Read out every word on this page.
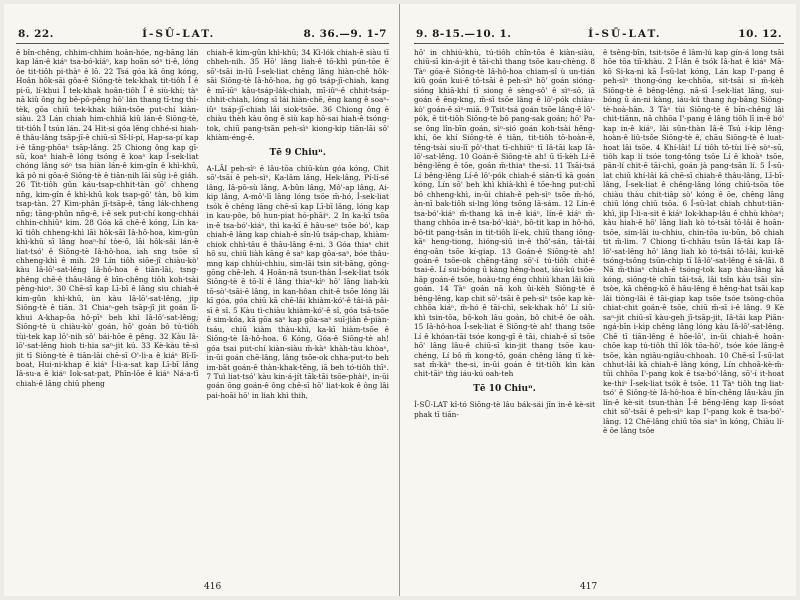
8. 22.	Í-SÛ-LAT.	8. 36.—9. 1-7

ê bîn-chêng, chhim-chhim hoân-hóe, ng-bāng lán kap lán-ê kiáⁿ tsa-bó-kiáⁿ, kap hoān sóⁿ ti-ê, lóng ôe tit-tiôh pi-thàⁿ ê lō. 22 Tsá góa kā ông kóng, Hoân hôk-sāi gôa-ê Siōng-tè tek-khak tit-tiôh Î ê pi-ū, lí-khui Î tek-khak hoân-tiôh Î ê siù-khí; tàⁿ nā kiû ông ǹg bē-pō-pêng hō' lán thang tī-tng thì-tèk, gōa chiū tek-khak hiân-tsōe put-chí kiàn-siàu. 23 Lán chiah him-chhiā kiû lán-ê Siōng-tè, tit-tiôh Î tsún lán. 24 Hit-si góa lêng chhé-si hiah-ê thâu-lâng tsāp-jī-ê chiū-sī Sî-lí-pí, Hap-sa-pí kap i-ê tāng-phōaⁿ tsāp-lâng. 25 Chiong ông kap gī-sū, koaⁿ hiah-ê lóng tsóng ê koaⁿ kap Í-sek-liat chóng lâng sóⁿ tsa hiàn lán-ê kim-gîn ê khì-khū, kā pô ni gōa-ê Siōng-tè ê tiān-nih lāi sūg i-ê giáh. 26 Tit-tiôh gûn káu-tsap-chhit-tàn gō' chheng nn̄g, kim-gîn ê khì-khū kok tsap-gō' tàn, bô kim tsap-tàn. 27 Kim-phân jī-tsāp-ê, tāng lák-chheng nn̄g; tāng-phûn nn̄g-ê, i-ê sek put-chí kong-chhái chhin-chhiūⁿ kim. 28 Góa kā chē-ê kóng, Lín ka-kī tiôh chheng-khì lāi hôk-sāi Iâ-hô-hoa, kim-gûn khì-khū sī lâng hoaⁿ-hí tòe-ô, lâi hôk-sāi lán-ê liat-tsó' ê Siōng-tè Iâ-hô-hoa, iah sng tsōe sī chheng-khì ê mih. 29 Lín tiôh siōe-jî chiàu-kò' kàu Iâ-lō'-sat-lêng Iâ-hô-hoa ê tiān-lāi, tsng-phêng chē-ê thâu-lâng ê bīn-chêng tiôh koh-tsài pêng-hioⁿ. 30 Chē-sī kap Lī-bī ê lâng siu chiah-ê kim-gûn khì-khū, ùn kàu Iâ-lō'-sat-lêng, jip Siōng-tè ê tiān. 31 Chiaⁿ-geh tsāp-jī jit goán lī-khui A-khap-ôa hô-pīⁿ beh khì Iâ-lō'-sat-lêng; Siōng-tè ù chiàu-kò' goán, hō' goán bô tú-tiôh tùi-tek kap lō'-nih sô' bái-hōe ê pêng. 32 Kàu Iâ-lō'-sat-lêng hioh ti-hia saⁿ-jit kú. 33 Kè-kàu tē-sì jit tī Siōng-tè ê tiān-lāi chē-sī O'-li-a ê kiáⁿ Bī-lī-boat, Hui-ni-khap ê kiáⁿ Í-li-a-sat kap Lī-bī lâng Iâ-su-a ê kiáⁿ Iok-sat-pat, Phîn-lōe ê kiáⁿ Ná-a-tī chiah-ê lâng chiū pheng

chiah-ê kim-gûn khì-khū; 34 Kì-lók chiah-ê siàu tī chheh-nih. 35 Hō' lâng liah-ê tō-khì pún-tōe ê sō'-tsāi in-lū Í-sek-liat chêng lâng hiàn-chê hôk-sāi Siōng-tè Iâ-hô-hoa, ǹg gō tsáp-jī-chiah, kang ê mī-iūⁿ kâu-tsáp-lák-chiah, mī-iûⁿ-ê chhit-tsáp-chhit-chiah, lóng sī lái hiàn-chē, ēng kang ê soaⁿ-iûⁿ tsáp-jī-chiah lâi siok-tsōe. 36 Chiong ông ê chiàu thèh kàu ông ê siù kap hō-sai hiah-ê tsóng-tok, chiū pang-tsān peh-sìⁿ kiong-kip tiān-lāi sô' khiàm-éng-ê.

Tē 9 Chiuⁿ.

A-LÂI peh-sìⁿ ê lâu-tōa chiū-kùn góa kóng, Chit sō'-tsāi ê peh-sìⁿ, Ka-lâm lâng, Hek-lâng, Pí-lí-sé lâng, Iâ-pō-sù lâng, A-bûn lâng, Mô'-ap lâng, Ai-kip lâng, A-mô'-lī lâng lóng tsōe m̄-hó, Í-sek-liat tsók ê chêng lâng chē-sī kap Lī-bī lâng, lóng kap in kau-pôe, bô hun-piat hó-phāiⁿ. 2 In ka-kī tsōa in-ê tsa-bó'-kiáⁿ, thì ka-kī ê hâu-seⁿ tsōe bó', kap chiah-ê lâng kap chiah-ê sîn-lū tsáp-chap, khiàm-chiok chhì-tâu ê thâu-lâng ê-ni. 3 Góa thiaⁿ chit hō su, chiū liàh kāng ê saⁿ kap gōa-saⁿ, bóe thâu-mng kap chhùi-chhiu, sim-lāi tsin sit-bāng, gōng-gōng chē-leh. 4 Hoân-nā tsun-thàn Í-sek-liat tsók Siōng-tè ê tō-lí ê lâng thiaⁿ-kìⁿ hō' lâng liah-kù tō-sò'-tsāi-ê lâng, in kan-hôan chit-ê tsōe lóng lâi kī góa, góa chiū kā chē-lâi khiàm-kó'-ê tâi-iâ pâi-sī ê sî. 5 Kàu tì-chiàu khiàm-kó'-ê sî, góa tsā-tsōe ê sim-kóa, kā gōa saⁿ kap gōa-saⁿ suī-jiân ê-piàn-tsáu, chiū kiàm thàu-khì, ka-kī hiàm-tsōe ê Siōng-tè Iâ-hô-hoa. 6 Kóng, Góa-ê Siōng-tè ah! góa tsai put-chí kiàn-siàu m̄-kàⁿ khàh-tàu khòaⁿ, in-ūi goán chē-lâng, lâng tsōe-ok chha-put-to beh im-bāt goán-ê thàn-khak-tēng, iā beh tó-tiôh thīⁿ. 7 Tuì liat-tsó' kàu kin-á-jít tāk-tāi tsōe-phàiⁿ, in-ūi goán ōng goán-ê ông chē-sī hō' liat-kok ê ông lâi pai-hoāi hō' in liah khì thih,

416
9. 8-15.—10. 1.	Í-SŪ-LAT.	10. 12.

hō' in chhiú-khù, tú-tiôh chîn-tōa ê kiàn-siàu, chiū-sī kin-á-jit ê tāi-chì thang tsōe kau-chèng. 8 Tàⁿ góa-ê Siōng-tè Iâ-hô-hoa chiam-sî ù un-tián kiû goán kui-ê tō-tsāi ê peh-sìⁿ hō' goán sióng-sióng khiā-khí tī siong ê sèng-sô' ê sìⁿ-sō, iā goán ê ēng-kng, m̄-sī tsōe lâng ê lō'-pók chiàu-kò' goán-ê sìⁿ-miā. 9 Tsit-tsá goán tsōe lâng-ê lō'-pók, ê tit-tiôh Siōng-tè bô pang-sak goán; hō' Pa-se ông lîn-bīn goán, sìⁿ-sió goán koh-tsài hêng-khí, ôe khí Siōng-tè ê tiān, tit-tiôh tō-hoàn-ê, tēng-tsài siu-lī pô'-that tī-chhiūⁿ tī Iâ-tāi kap Iâ-lō'-sat-lêng. 10 Goán-ê Siōng-tè ah! ū tī-kèh Lí-ê bêng-lêng ê tōe, goán m̄-thiaⁿ the-si. 11 Tsāi-tsá Lí bêng-lêng Lí-ê lō'-pók chiah-ê siān-tī kā goán kóng, Lín sō' beh khì khìà-khì ê tōe-hng put-chī bô chheng-khì, in-ūi chiah-ê peh-sìⁿ tsōe m̄-hó, àn-nī bak-tiôh si-lng lóng tsōng lā-sám. 12 Lín-ê tsa-bó'-kiáⁿ m̄-thang kā in-ê kiáⁿ, lín-ê kiáⁿ m̄-thang chhōa in-ê tsa-bó'-kiáⁿ, bô-tit kap in hô-hó, bô-tit pang-tsān in tit-tiôh lí-ek, chiū thang iông-kāⁿ heng-tiong, hióng-siū in-ê thô'-sán, tāi-tāi éng-oân tsōe kí-giap. 13 Goán-ê Siōng-tè ah! goán-ê tsōe-ok chêng-tāng sō'-í tú-tiôh chit-ê tsai-ē. Lí sui-bóng ū kàng hêng-hoat, iáu-kú tsōe-hāp goán-ê tsōe, hoàu-tng éng chhiú khan lâi kiù goán. 14 Tàⁿ goán nā koh ûi-kèh Siōng-tè ê bêng-lêng, kap chit sō'-tsāi ê peh-sìⁿ tsōe kap kè-chhōa kiáⁿ, m̄-hó ê tāi-chì, sek-khak hō' Lí siū-khì tsin-tōa, bô-koh lâu goán, bô chit-ê ôe oâh. 15 Iâ-hô-hoa Í-sek-liat ê Siōng-tè ah! thang tsōe Lí ê khóan-tāi tsóe kong-gī ê tāi, chiah-ê sī tsōe hō' lâng lâu-ê chiū-sī kin-jit thang tsōe kau-chéng, Lí bô m̄ kong-tō, goán chêng lâng tī kè-sat m̄-kàⁿ the-si, in-ūi goán ê tit-tiôh kìn kàn chit-tāiⁿ tǹg iáu-kú oah-teh

Tē 10 Chiuⁿ.

Í-SŪ-LAT kî-tó Siōng-tè lâu bák-sái jīn in-ê kè-sit phak tī tiān-

ê tsêng-bīn, tsit-tsōe ê lâm-lú kap gín-á long tsāi hōe tōa tiī-khàu. 2 Î-lân ê tsók Iâ-hat ê kiáⁿ Mā-kō Si-ka-ni kā Í-sū-lat kóng, Lán kap I'-pang ê peh-sìⁿ thong-óng ke-chhōa, sit-tsāi si m̄-kèh Siōng-tè ê bêng-lēng. nā-sī Í-sek-liat lâng, sui-bóng ū án-ni kàng, iáu-kú thang ǹg-bāng Siōng-tè-hoà-hān. 3 Tàⁿ tùi Siōng-tè ê bīn-chêng lâi chit-tiānn, nā chhōa I'-pang ê lâng tiôh lī in-ê bó' kap in-ê kiáⁿ, lâi sûn-thàn Iâ-ê Tsú i-kip lêng-hoàn-ê liû-tsôe Siōng-tè ê, chāu Siōng-tè ê luat-hoat lâi tsōe. 4 Khí-lâi! Lí tiôh tō-tùi lí-ê sòⁿ-sū, tiôh kap lí tsóe tong-tông tsōe Lí ê khoàⁿ tsōe, pān-lí chit-ê tāi-chì, goán jà pang-tsān lí. 5 Í-sū-lat chiū khí-lâi kā chē-sī chiah-ê thâu-lâng, Lī-bī-lâng, Í-sek-liat ê chêng-lâng lóng chiū-tsōa tōe chiàu thàu chit-tiâp sò' kóng ê ōe, chêng lâng chiū lóng chiū tsōa. 6 Í-sū-lat chiah chhut-tiān-khì, jip Í-li-a-sit ê kiáⁿ Iok-khap-lâu ê chhù khòaⁿ; kàu hiah-ê hō' lâng liah kò tó-tsāi tō-lâi ê hoān-tsōe, sim-lāi iu-chhiu, chin-tōa iu-būn, bô chiah tit m̄-lim. 7 Chiong tī-chhāu tsūn Iâ-tāi kap Iâ-lō'-sat-lêng hō' lâng liah kò tó-tsāi tō-lâi, kui-kē tsóng-tsông tsūn-chip tī Iâ-lō'-sat-lêng ê sâ-lāi. 8 Nā m̄-thiaⁿ chiah-ê tsóng-tok kap thàu-lâng kā kóng, siōng-tè chīn tāi-tsâ, lâi tsîn kàu tsāi sîn-tsòe, kā chêng-kō ê hâu-lêng ê hêng-hat tsāi kap lâi tiòng-lâi ê tāi-giap kap tsōe tsóe tsòng-chōa chiat-chit goán-ê tsōe, chiū m̄-sī i-ê lâng. 9 Kè saⁿ-jit chiū-sī kàu-geh jī-tsāp-jit, Iâ-tāi kap Piān-ngá-bîn i-kip chêng lâng lóng kàu Iâ-lō'-sat-lêng. Chē tī tiān-lêng ê hōe-lō', in-ūi chiah-ê hoân-chōe kap tú-tiôh thī lôk tōa-hō', tsóe kóe lâng-ê tsōe, kàn ngiâu-ngiâu-chhoah. 10 Chē-sī Í-sū-lat chhut-lâi kā chiah-ê lâng kóng, Lín chhoā-kè-m̄-tūi chhōa I'-pang kok ê tsa-bó'-lâng, sō'-í it-hoat ke-thiⁿ Í-sek-liat tsók ê tsōe. 11 Tàⁿ tiôh tng liat-tsó' ê Siōng-tè Iâ-hô-hoa ê bīn-chêng lâu-kàu jīn lín-ê kè-sit tsun-thàn Î-ê bēng-lēng kap lī-sóat chit sō'-tsāi ê peh-sìⁿ kap I'-pang kok ê tsa-bó'-lâng. 12 Chē-lâng chiū tōa siaⁿ ìn kóng, Chiàu lí-ê ōe lâng tsōe

417
